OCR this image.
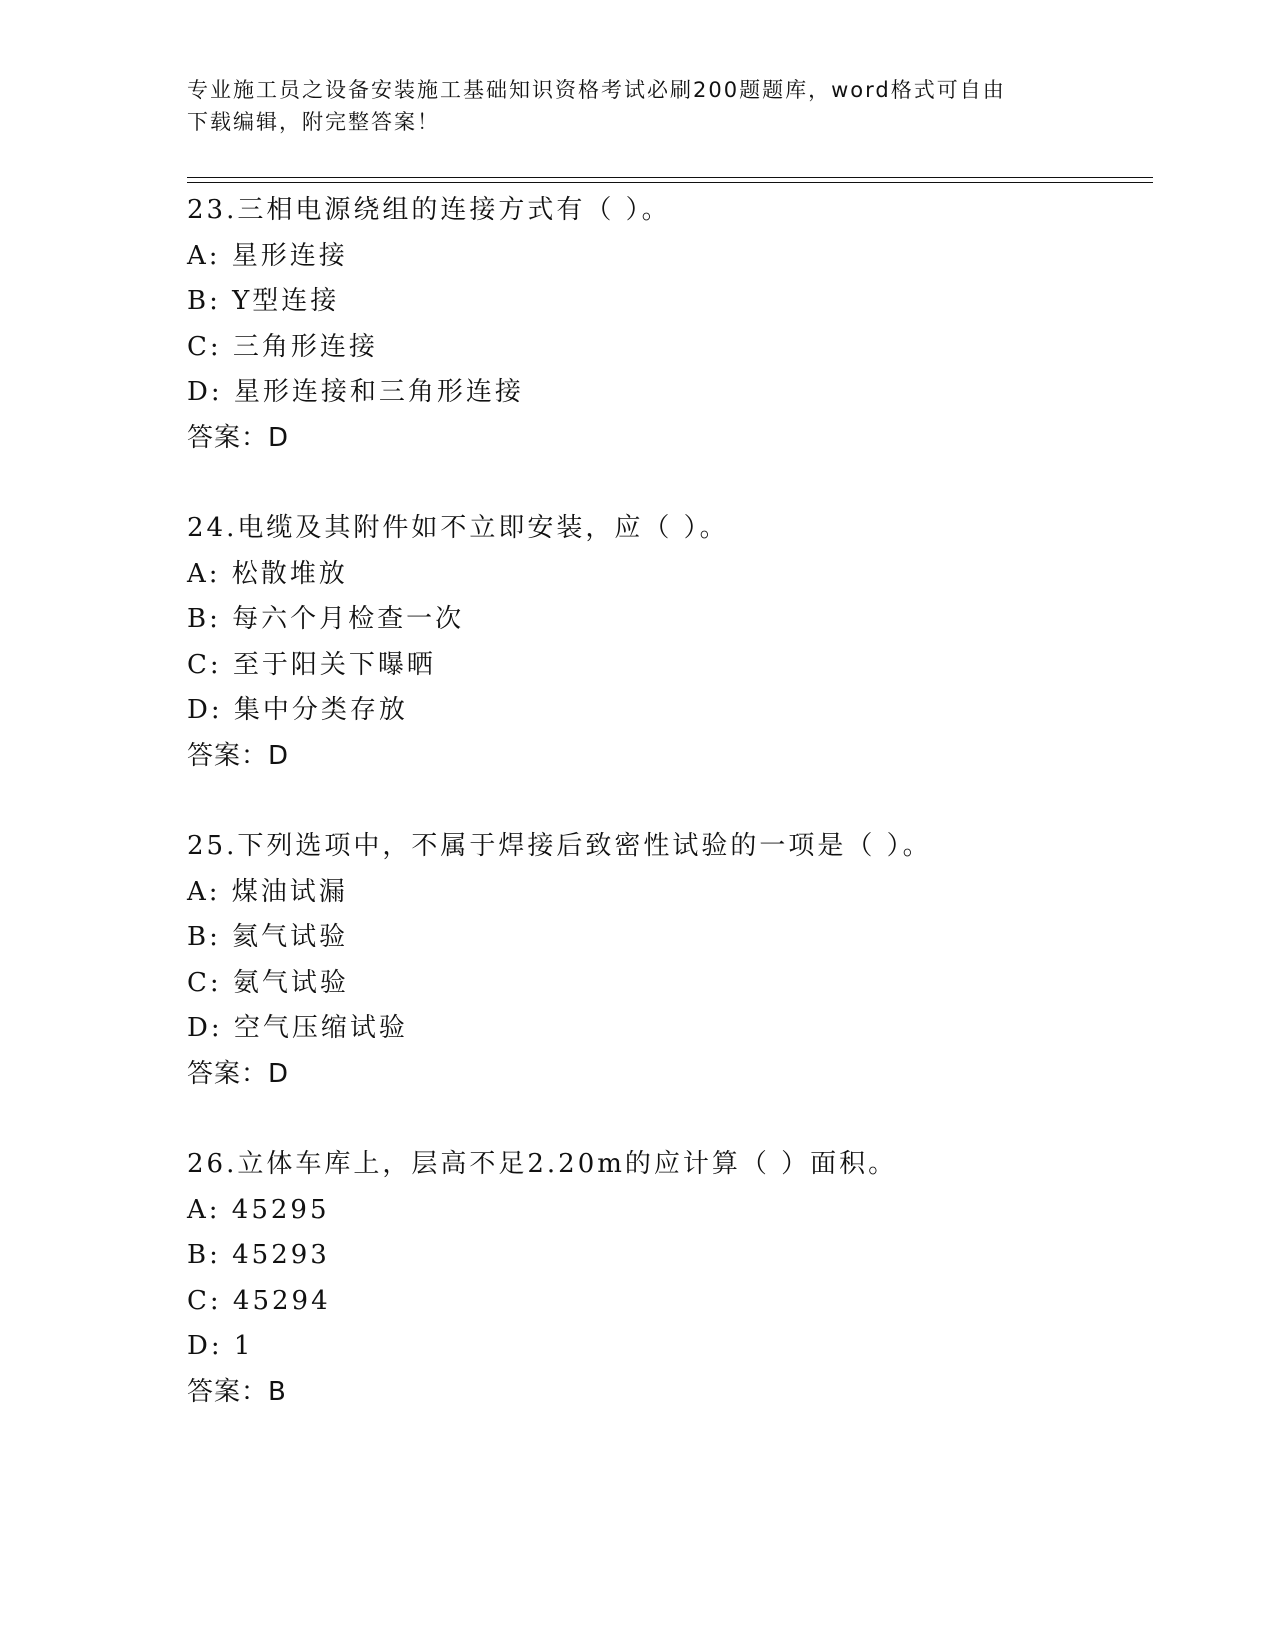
专业施工员之设备安装施工基础知识资格考试必刷200题题库，word格式可自由
下载编辑，附完整答案！
23.三相电源绕组的连接方式有（ ）。
A: 星形连接
B: Y型连接
C: 三角形连接
D: 星形连接和三角形连接
答案：D
24.电缆及其附件如不立即安装，应（ ）。
A: 松散堆放
B: 每六个月检查一次
C: 至于阳关下曝晒
D: 集中分类存放
答案：D
25.下列选项中，不属于焊接后致密性试验的一项是（ ）。
A: 煤油试漏
B: 氦气试验
C: 氨气试验
D: 空气压缩试验
答案：D
26.立体车库上，层高不足2.20m的应计算（ ）面积。
A: 45295
B: 45293
C: 45294
D: 1
答案：B
